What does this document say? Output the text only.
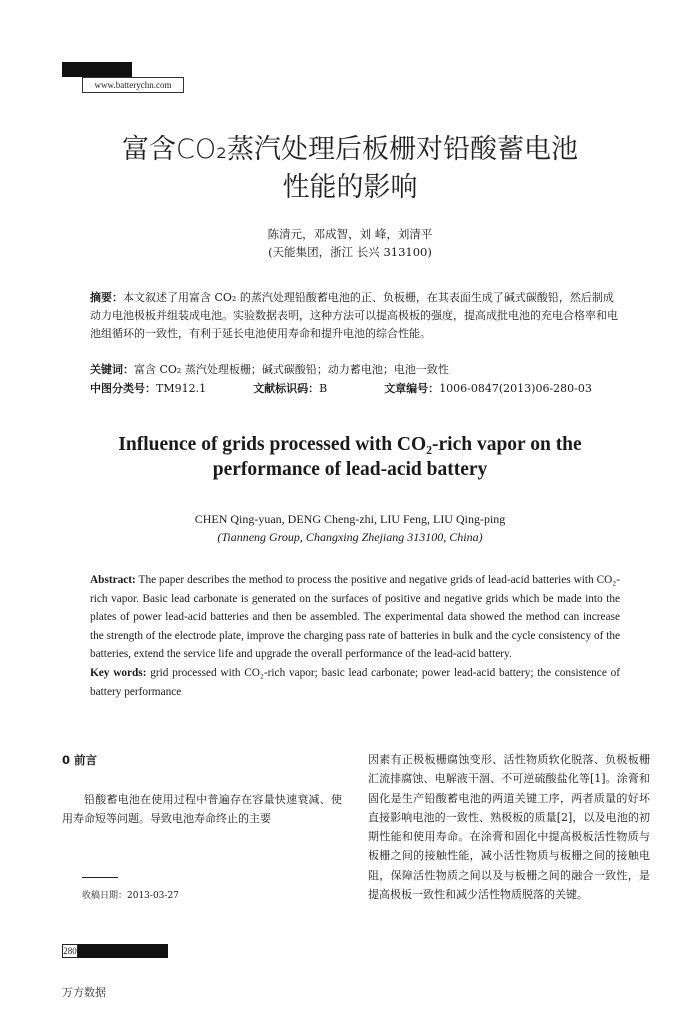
www.batterychn.com
富含CO₂蒸汽处理后板栅对铅酸蓄电池
性能的影响
陈清元，邓成智，刘 峰，刘清平
(天能集团，浙江 长兴 313100)
摘要：本文叙述了用富含 CO₂ 的蒸汽处理铅酸蓄电池的正、负板栅，在其表面生成了碱式碳酸铅，然后制成动力电池极板并组装成电池。实验数据表明，这种方法可以提高极板的强度，提高成批电池的充电合格率和电池组循环的一致性，有利于延长电池使用寿命和提升电池的综合性能。
关键词：富含 CO₂ 蒸汽处理板栅；碱式碳酸铅；动力蓄电池；电池一致性
中图分类号：TM912.1	文献标识码：B	文章编号：1006-0847(2013)06-280-03
Influence of grids processed with CO₂-rich vapor on the
performance of lead-acid battery
CHEN Qing-yuan, DENG Cheng-zhi, LIU Feng, LIU Qing-ping
(Tianneng Group, Changxing Zhejiang 313100, China)
Abstract: The paper describes the method to process the positive and negative grids of lead-acid batteries with CO₂-rich vapor. Basic lead carbonate is generated on the surfaces of positive and negative grids which be made into the plates of power lead-acid batteries and then be assembled. The experimental data showed the method can increase the strength of the electrode plate, improve the charging pass rate of batteries in bulk and the cycle consistency of the batteries, extend the service life and upgrade the overall performance of the lead-acid battery.
Key words: grid processed with CO₂-rich vapor; basic lead carbonate; power lead-acid battery; the consistence of battery performance
0 前言
铅酸蓄电池在使用过程中普遍存在容量快速衰减、使用寿命短等问题。导致电池寿命终止的主要
因素有正极板栅腐蚀变形、活性物质软化脱落、负极板栅汇流排腐蚀、电解液干涸、不可逆硫酸盐化等[1]。涂膏和固化是生产铅酸蓄电池的两道关键工序，两者质量的好坏直接影响电池的一致性、熟极板的质量[2]，以及电池的初期性能和使用寿命。在涂膏和固化中提高极板活性物质与板栅之间的接触性能，减小活性物质与板栅之间的接触电阻，保障活性物质之间以及与板栅之间的融合一致性，是提高极板一致性和减少活性物质脱落的关键。
收稿日期：2013-03-27
280
万方数据
